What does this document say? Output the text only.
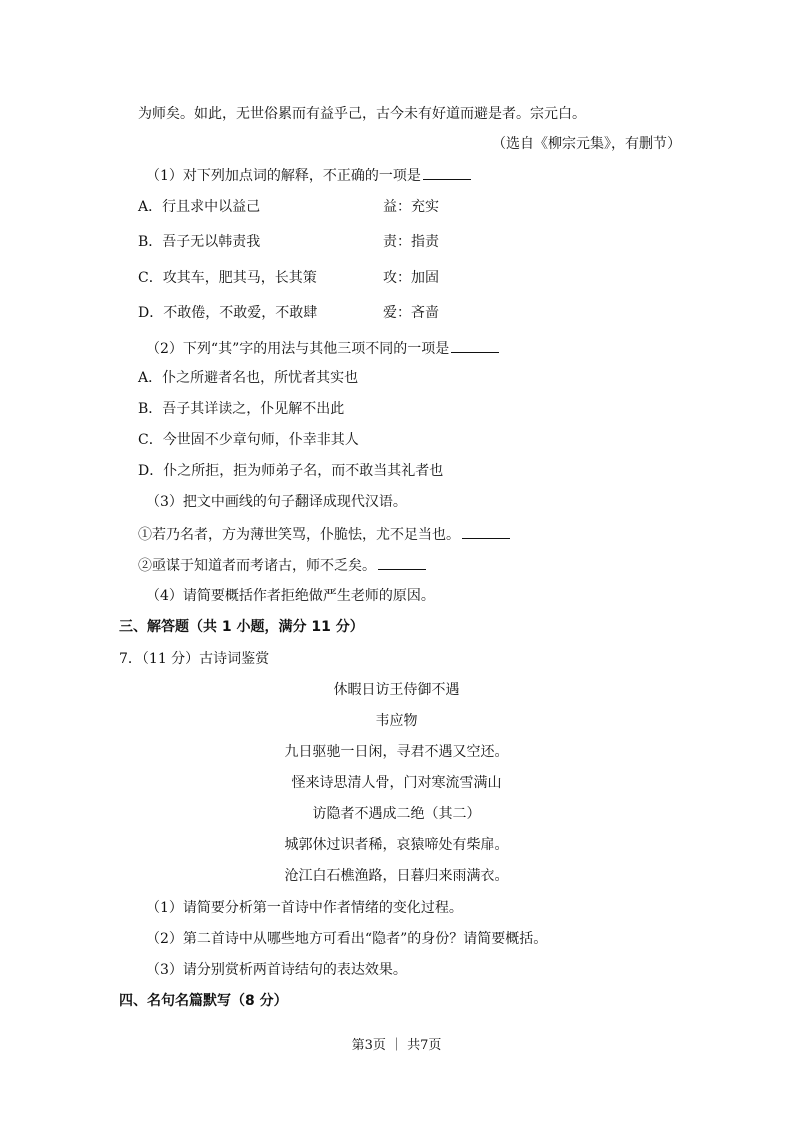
为师矣。如此，无世俗累而有益乎己，古今未有好道而避是者。宗元白。
（选自《柳宗元集》，有删节）
（1）对下列加点词的解释，不正确的一项是
A．行且求中以益己	益：充实
B．吾子无以韩责我	责：指责
C．攻其车，肥其马，长其策	攻：加固
D．不敢倦，不敢爱，不敢肆	爱：吝啬
（2）下列“其”字的用法与其他三项不同的一项是
A．仆之所避者名也，所忧者其实也
B．吾子其详读之，仆见解不出此
C．今世固不少章句师，仆幸非其人
D．仆之所拒，拒为师弟子名，而不敢当其礼者也
（3）把文中画线的句子翻译成现代汉语。
①若乃名者，方为薄世笑骂，仆脆怯，尤不足当也。
②亟谋于知道者而考诸古，师不乏矣。
（4）请简要概括作者拒绝做严生老师的原因。
三、解答题（共 1 小题，满分 11 分）
7．（11 分）古诗词鉴赏
休暇日访王侍御不遇
韦应物
九日驱驰一日闲，寻君不遇又空还。
怪来诗思清人骨，门对寒流雪满山
访隐者不遇成二绝（其二）
城郭休过识者稀，哀猿啼处有柴扉。
沧江白石樵渔路，日暮归来雨满衣。
（1）请简要分析第一首诗中作者情绪的变化过程。
（2）第二首诗中从哪些地方可看出“隐者”的身份？请简要概括。
（3）请分别赏析两首诗结句的表达效果。
四、名句名篇默写（8 分）
第3页 ｜ 共7页
